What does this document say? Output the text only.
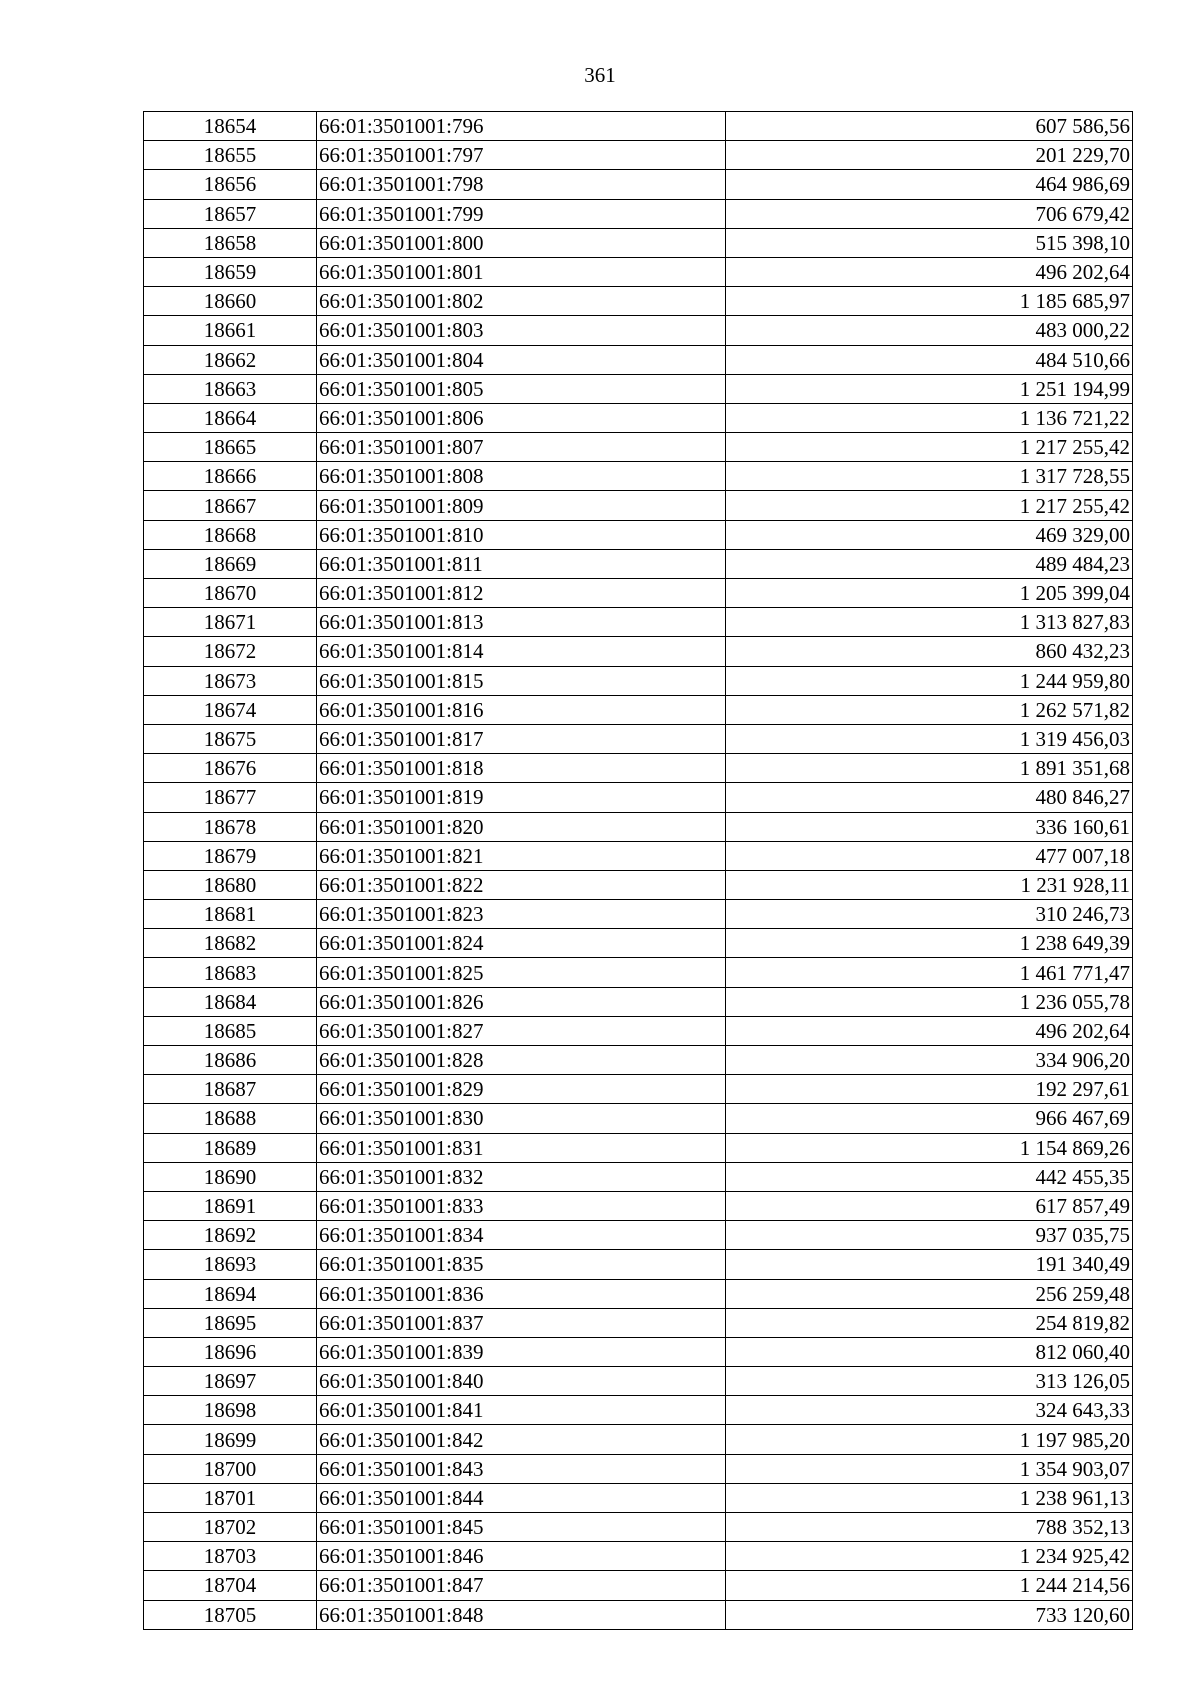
361
18654	66:01:3501001:796	607 586,56
18655	66:01:3501001:797	201 229,70
18656	66:01:3501001:798	464 986,69
18657	66:01:3501001:799	706 679,42
18658	66:01:3501001:800	515 398,10
18659	66:01:3501001:801	496 202,64
18660	66:01:3501001:802	1 185 685,97
18661	66:01:3501001:803	483 000,22
18662	66:01:3501001:804	484 510,66
18663	66:01:3501001:805	1 251 194,99
18664	66:01:3501001:806	1 136 721,22
18665	66:01:3501001:807	1 217 255,42
18666	66:01:3501001:808	1 317 728,55
18667	66:01:3501001:809	1 217 255,42
18668	66:01:3501001:810	469 329,00
18669	66:01:3501001:811	489 484,23
18670	66:01:3501001:812	1 205 399,04
18671	66:01:3501001:813	1 313 827,83
18672	66:01:3501001:814	860 432,23
18673	66:01:3501001:815	1 244 959,80
18674	66:01:3501001:816	1 262 571,82
18675	66:01:3501001:817	1 319 456,03
18676	66:01:3501001:818	1 891 351,68
18677	66:01:3501001:819	480 846,27
18678	66:01:3501001:820	336 160,61
18679	66:01:3501001:821	477 007,18
18680	66:01:3501001:822	1 231 928,11
18681	66:01:3501001:823	310 246,73
18682	66:01:3501001:824	1 238 649,39
18683	66:01:3501001:825	1 461 771,47
18684	66:01:3501001:826	1 236 055,78
18685	66:01:3501001:827	496 202,64
18686	66:01:3501001:828	334 906,20
18687	66:01:3501001:829	192 297,61
18688	66:01:3501001:830	966 467,69
18689	66:01:3501001:831	1 154 869,26
18690	66:01:3501001:832	442 455,35
18691	66:01:3501001:833	617 857,49
18692	66:01:3501001:834	937 035,75
18693	66:01:3501001:835	191 340,49
18694	66:01:3501001:836	256 259,48
18695	66:01:3501001:837	254 819,82
18696	66:01:3501001:839	812 060,40
18697	66:01:3501001:840	313 126,05
18698	66:01:3501001:841	324 643,33
18699	66:01:3501001:842	1 197 985,20
18700	66:01:3501001:843	1 354 903,07
18701	66:01:3501001:844	1 238 961,13
18702	66:01:3501001:845	788 352,13
18703	66:01:3501001:846	1 234 925,42
18704	66:01:3501001:847	1 244 214,56
18705	66:01:3501001:848	733 120,60
